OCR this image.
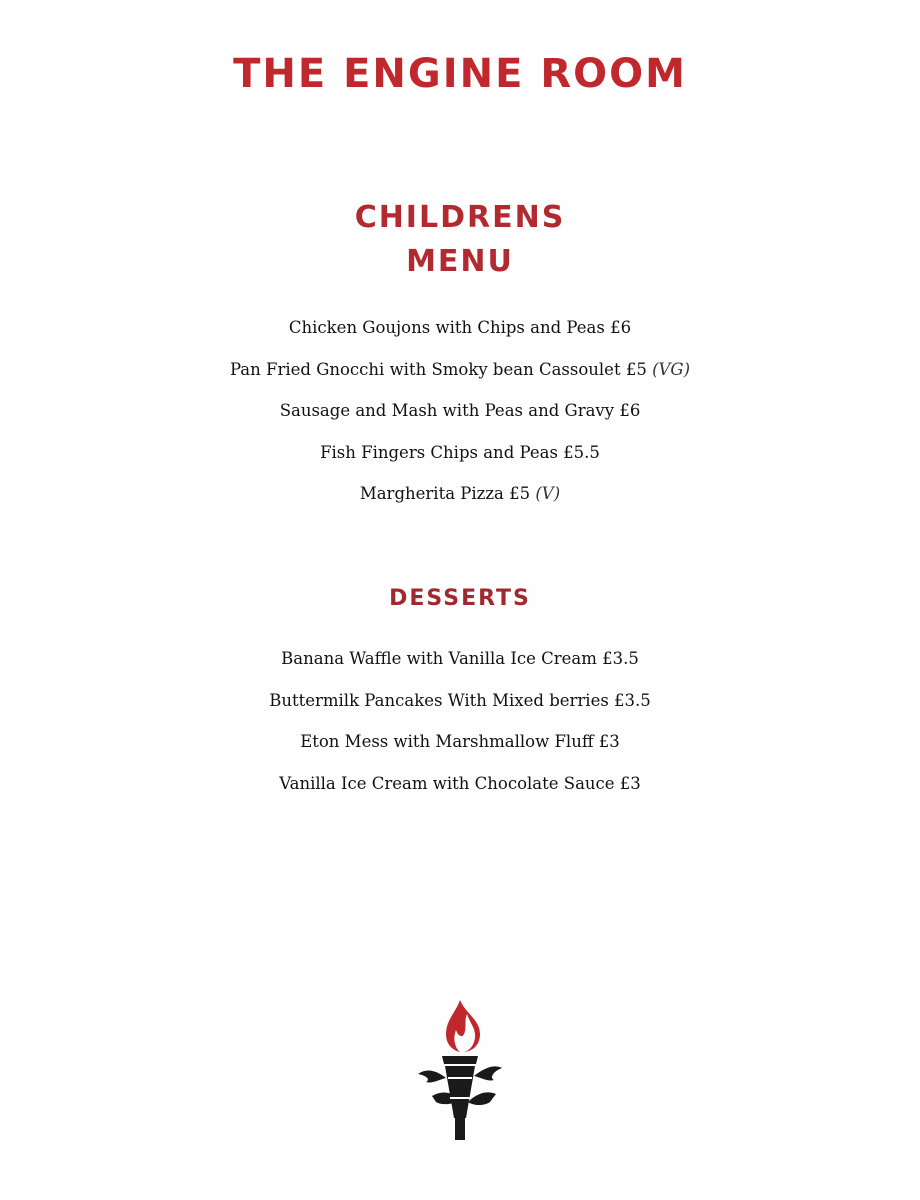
THE ENGINE ROOM
CHILDRENS
MENU
Chicken Goujons with Chips and Peas £6
Pan Fried Gnocchi with Smoky bean Cassoulet £5 (VG)
Sausage and Mash with Peas and Gravy £6
Fish Fingers Chips and Peas £5.5
Margherita Pizza £5 (V)
DESSERTS
Banana Waffle with Vanilla Ice Cream £3.5
Buttermilk Pancakes With Mixed berries £3.5
Eton Mess with Marshmallow Fluff £3
Vanilla Ice Cream with Chocolate Sauce £3
